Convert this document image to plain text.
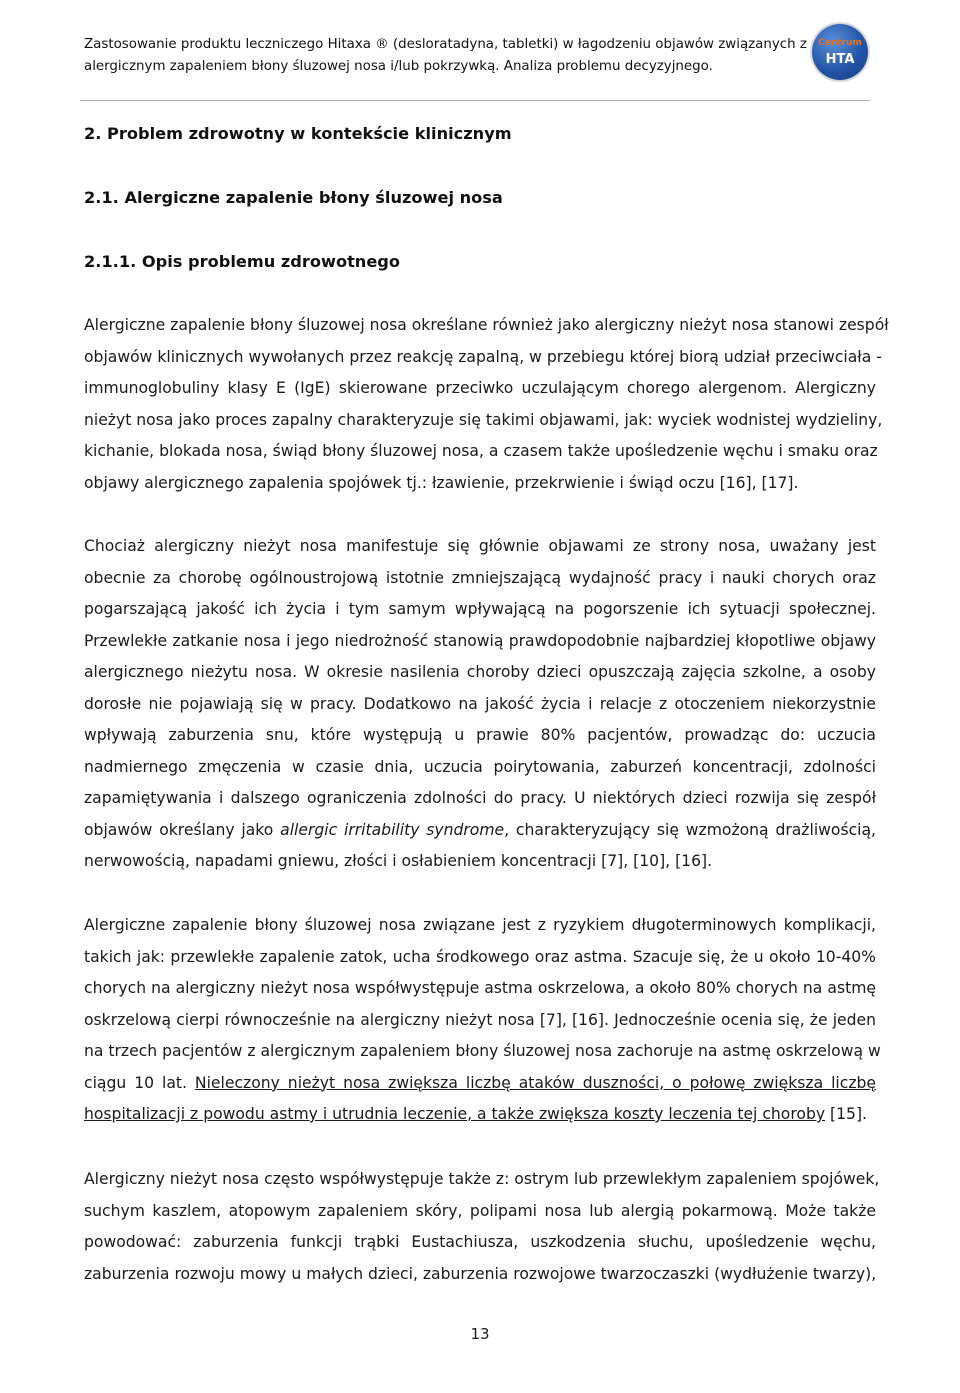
Zastosowanie produktu leczniczego Hitaxa ® (desloratadyna, tabletki) w łagodzeniu objawów związanych z
alergicznym zapaleniem błony śluzowej nosa i/lub pokrzywką. Analiza problemu decyzyjnego.
Centrum
HTA
2. Problem zdrowotny w kontekście klinicznym
2.1. Alergiczne zapalenie błony śluzowej nosa
2.1.1. Opis problemu zdrowotnego
Alergiczne zapalenie błony śluzowej nosa określane również jako alergiczny nieżyt nosa stanowi zespół
objawów klinicznych wywołanych przez reakcję zapalną, w przebiegu której biorą udział przeciwciała -
immunoglobuliny klasy E (IgE) skierowane przeciwko uczulającym chorego alergenom. Alergiczny
nieżyt nosa jako proces zapalny charakteryzuje się takimi objawami, jak: wyciek wodnistej wydzieliny,
kichanie, blokada nosa, świąd błony śluzowej nosa, a czasem także upośledzenie węchu i smaku oraz
objawy alergicznego zapalenia spojówek tj.: łzawienie, przekrwienie i świąd oczu [16], [17].
Chociaż alergiczny nieżyt nosa manifestuje się głównie objawami ze strony nosa, uważany jest
obecnie za chorobę ogólnoustrojową istotnie zmniejszającą wydajność pracy i nauki chorych oraz
pogarszającą jakość ich życia i tym samym wpływającą na pogorszenie ich sytuacji społecznej.
Przewlekłe zatkanie nosa i jego niedrożność stanowią prawdopodobnie najbardziej kłopotliwe objawy
alergicznego nieżytu nosa. W okresie nasilenia choroby dzieci opuszczają zajęcia szkolne, a osoby
dorosłe nie pojawiają się w pracy. Dodatkowo na jakość życia i relacje z otoczeniem niekorzystnie
wpływają zaburzenia snu, które występują u prawie 80% pacjentów, prowadząc do: uczucia
nadmiernego zmęczenia w czasie dnia, uczucia poirytowania, zaburzeń koncentracji, zdolności
zapamiętywania i dalszego ograniczenia zdolności do pracy. U niektórych dzieci rozwija się zespół
objawów określany jako allergic irritability syndrome, charakteryzujący się wzmożoną drażliwością,
nerwowością, napadami gniewu, złości i osłabieniem koncentracji [7], [10], [16].
Alergiczne zapalenie błony śluzowej nosa związane jest z ryzykiem długoterminowych komplikacji,
takich jak: przewlekłe zapalenie zatok, ucha środkowego oraz astma. Szacuje się, że u około 10-40%
chorych na alergiczny nieżyt nosa współwystępuje astma oskrzelowa, a około 80% chorych na astmę
oskrzelową cierpi równocześnie na alergiczny nieżyt nosa [7], [16]. Jednocześnie ocenia się, że jeden
na trzech pacjentów z alergicznym zapaleniem błony śluzowej nosa zachoruje na astmę oskrzelową w
ciągu 10 lat. Nieleczony nieżyt nosa zwiększa liczbę ataków duszności, o połowę zwiększa liczbę
hospitalizacji z powodu astmy i utrudnia leczenie, a także zwiększa koszty leczenia tej choroby [15].
Alergiczny nieżyt nosa często współwystępuje także z: ostrym lub przewlekłym zapaleniem spojówek,
suchym kaszlem, atopowym zapaleniem skóry, polipami nosa lub alergią pokarmową. Może także
powodować: zaburzenia funkcji trąbki Eustachiusza, uszkodzenia słuchu, upośledzenie węchu,
zaburzenia rozwoju mowy u małych dzieci, zaburzenia rozwojowe twarzoczaszki (wydłużenie twarzy),
13
